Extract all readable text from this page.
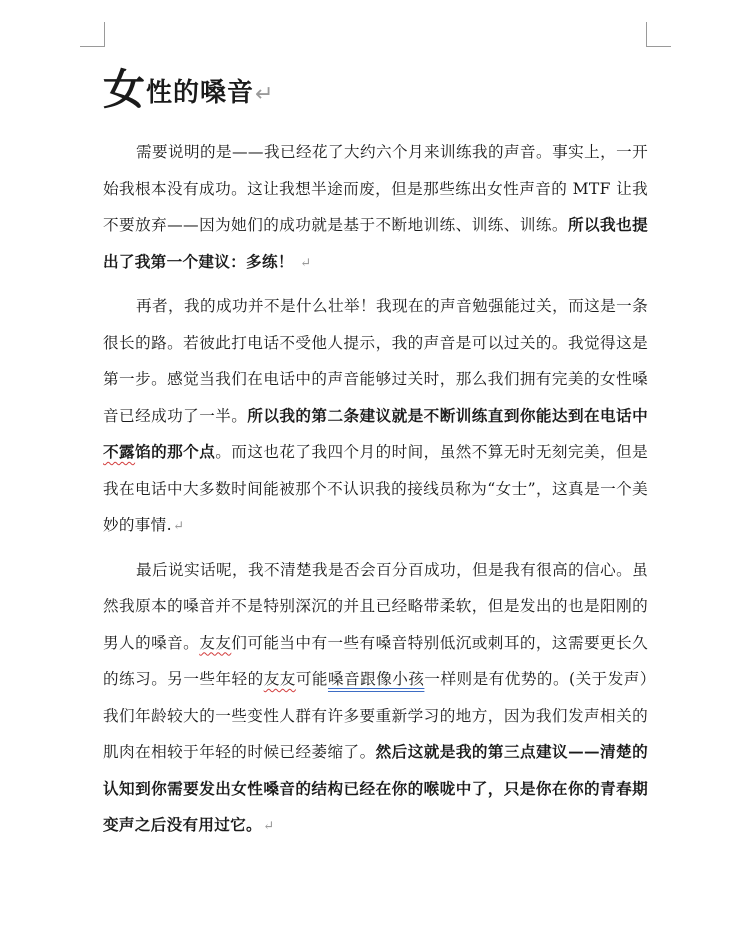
女性的嗓音↵

需要说明的是——我已经花了大约六个月来训练我的声音。事实上，一开始我根本没有成功。这让我想半途而废，但是那些练出女性声音的 MTF 让我不要放弃——因为她们的成功就是基于不断地训练、训练、训练。所以我也提出了我第一个建议：多练！ ↵

再者，我的成功并不是什么壮举！我现在的声音勉强能过关，而这是一条很长的路。若彼此打电话不受他人提示，我的声音是可以过关的。我觉得这是第一步。感觉当我们在电话中的声音能够过关时，那么我们拥有完美的女性嗓音已经成功了一半。所以我的第二条建议就是不断训练直到你能达到在电话中不露馅的那个点。而这也花了我四个月的时间，虽然不算无时无刻完美，但是我在电话中大多数时间能被那个不认识我的接线员称为“女士”，这真是一个美妙的事情.↵

最后说实话呢，我不清楚我是否会百分百成功，但是我有很高的信心。虽然我原本的嗓音并不是特别深沉的并且已经略带柔软，但是发出的也是阳刚的男人的嗓音。友友们可能当中有一些有嗓音特别低沉或刺耳的，这需要更长久的练习。另一些年轻的友友可能嗓音跟像小孩一样则是有优势的。(关于发声）我们年龄较大的一些变性人群有许多要重新学习的地方，因为我们发声相关的肌肉在相较于年轻的时候已经萎缩了。然后这就是我的第三点建议——清楚的认知到你需要发出女性嗓音的结构已经在你的喉咙中了，只是你在你的青春期变声之后没有用过它。↵
